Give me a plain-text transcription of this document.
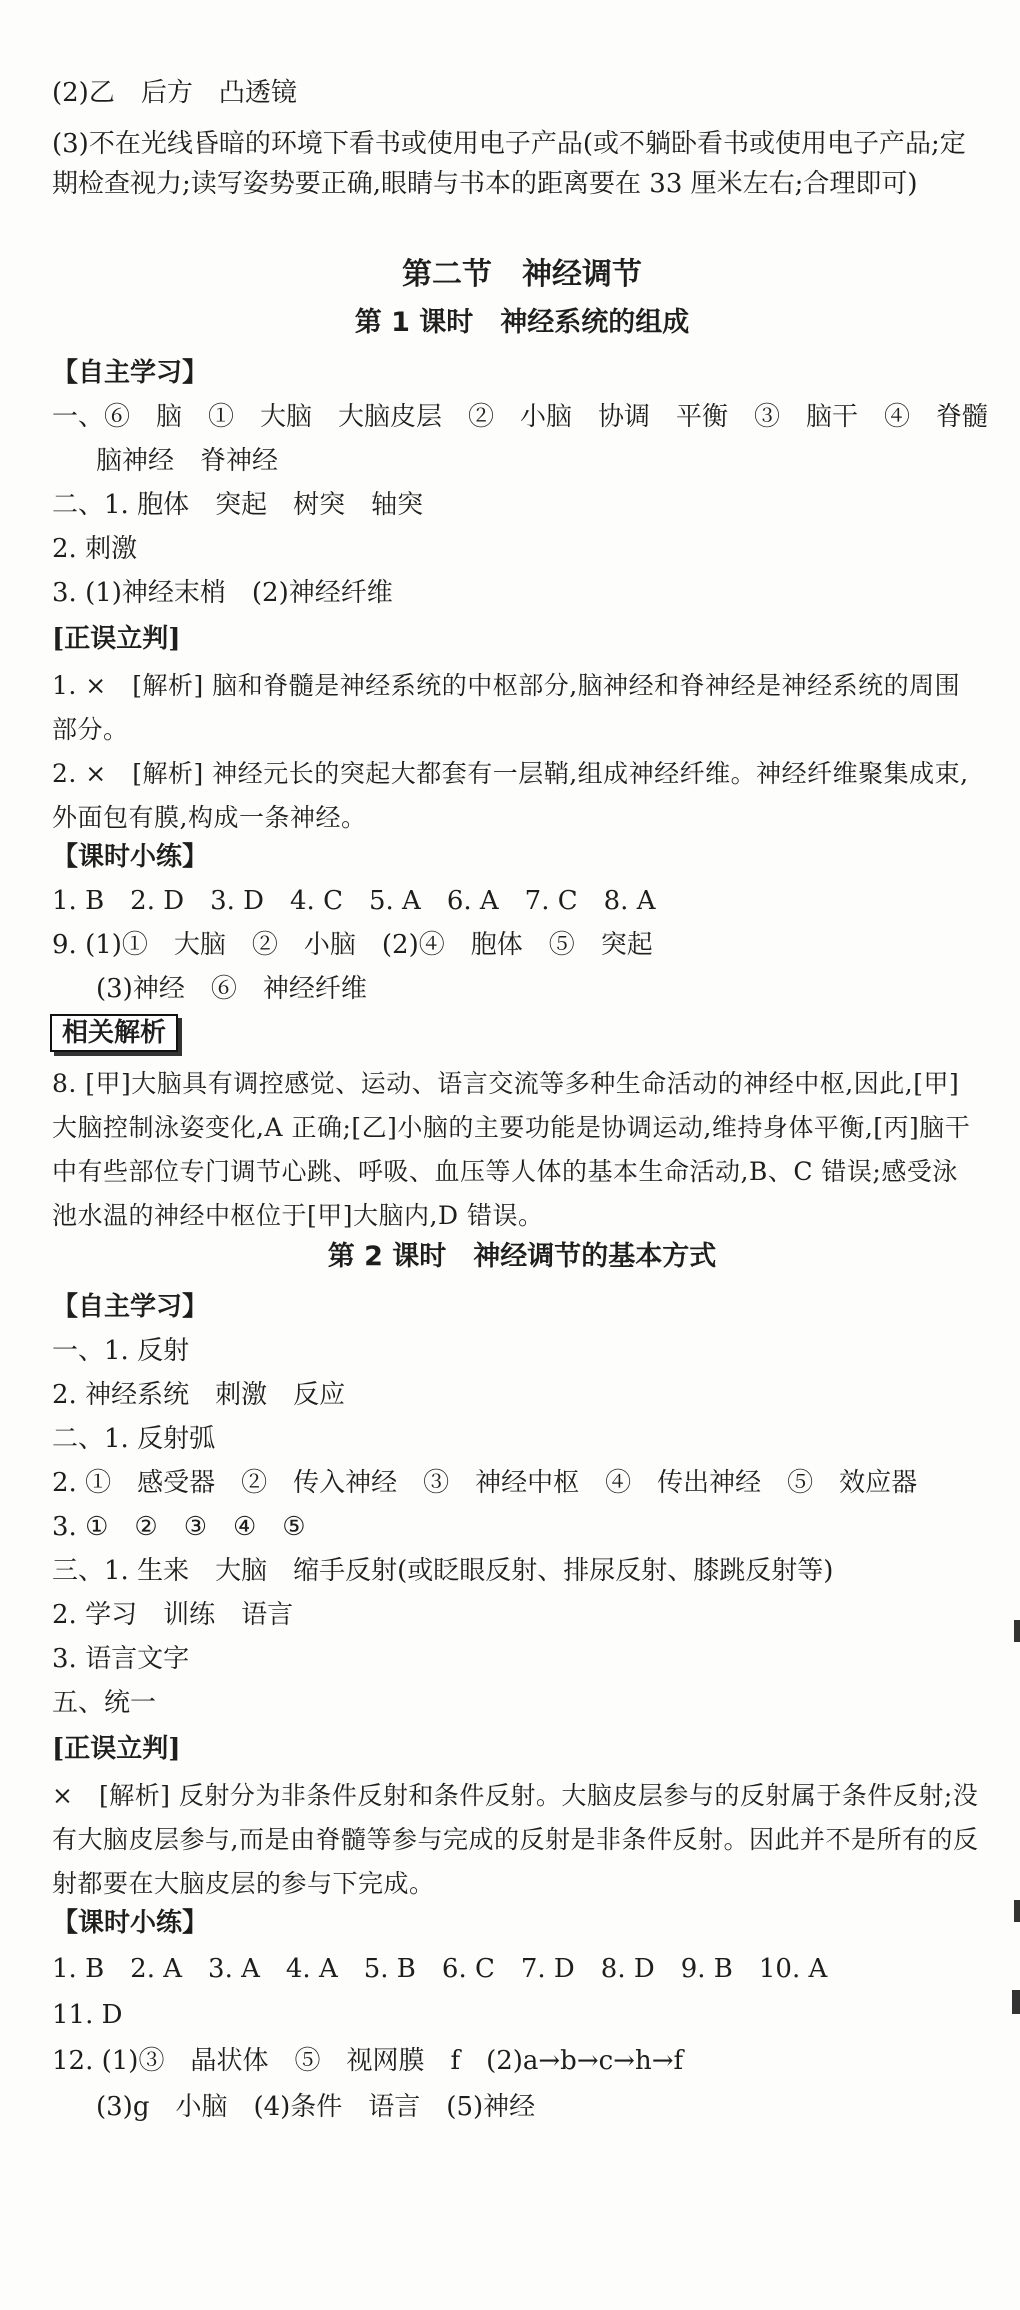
(2)乙　后方　凸透镜
(3)不在光线昏暗的环境下看书或使用电子产品(或不躺卧看书或使用电子产品;定期检查视力;读写姿势要正确,眼睛与书本的距离要在 33 厘米左右;合理即可)
第二节　神经调节
第 1 课时　神经系统的组成
【自主学习】
一、⑥　脑　①　大脑　大脑皮层　②　小脑　协调　平衡　③　脑干　④　脊髓
脑神经　脊神经
二、1. 胞体　突起　树突　轴突
2. 刺激
3. (1)神经末梢　(2)神经纤维
[正误立判]
1. ×　[解析] 脑和脊髓是神经系统的中枢部分,脑神经和脊神经是神经系统的周围部分。
2. ×　[解析] 神经元长的突起大都套有一层鞘,组成神经纤维。神经纤维聚集成束,外面包有膜,构成一条神经。
【课时小练】
1. B　2. D　3. D　4. C　5. A　6. A　7. C　8. A
9. (1)①　大脑　②　小脑　(2)④　胞体　⑤　突起
(3)神经　⑥　神经纤维
相关解析
8. [甲]大脑具有调控感觉、运动、语言交流等多种生命活动的神经中枢,因此,[甲]大脑控制泳姿变化,A 正确;[乙]小脑的主要功能是协调运动,维持身体平衡,[丙]脑干中有些部位专门调节心跳、呼吸、血压等人体的基本生命活动,B、C 错误;感受泳池水温的神经中枢位于[甲]大脑内,D 错误。
第 2 课时　神经调节的基本方式
【自主学习】
一、1. 反射
2. 神经系统　刺激　反应
二、1. 反射弧
2. ①　感受器　②　传入神经　③　神经中枢　④　传出神经　⑤　效应器
3. ①　②　③　④　⑤
三、1. 生来　大脑　缩手反射(或眨眼反射、排尿反射、膝跳反射等)
2. 学习　训练　语言
3. 语言文字
五、统一
[正误立判]
×　[解析] 反射分为非条件反射和条件反射。大脑皮层参与的反射属于条件反射;没有大脑皮层参与,而是由脊髓等参与完成的反射是非条件反射。因此并不是所有的反射都要在大脑皮层的参与下完成。
【课时小练】
1. B　2. A　3. A　4. A　5. B　6. C　7. D　8. D　9. B　10. A
11. D
12. (1)③　晶状体　⑤　视网膜　f　(2)a→b→c→h→f
(3)g　小脑　(4)条件　语言　(5)神经
